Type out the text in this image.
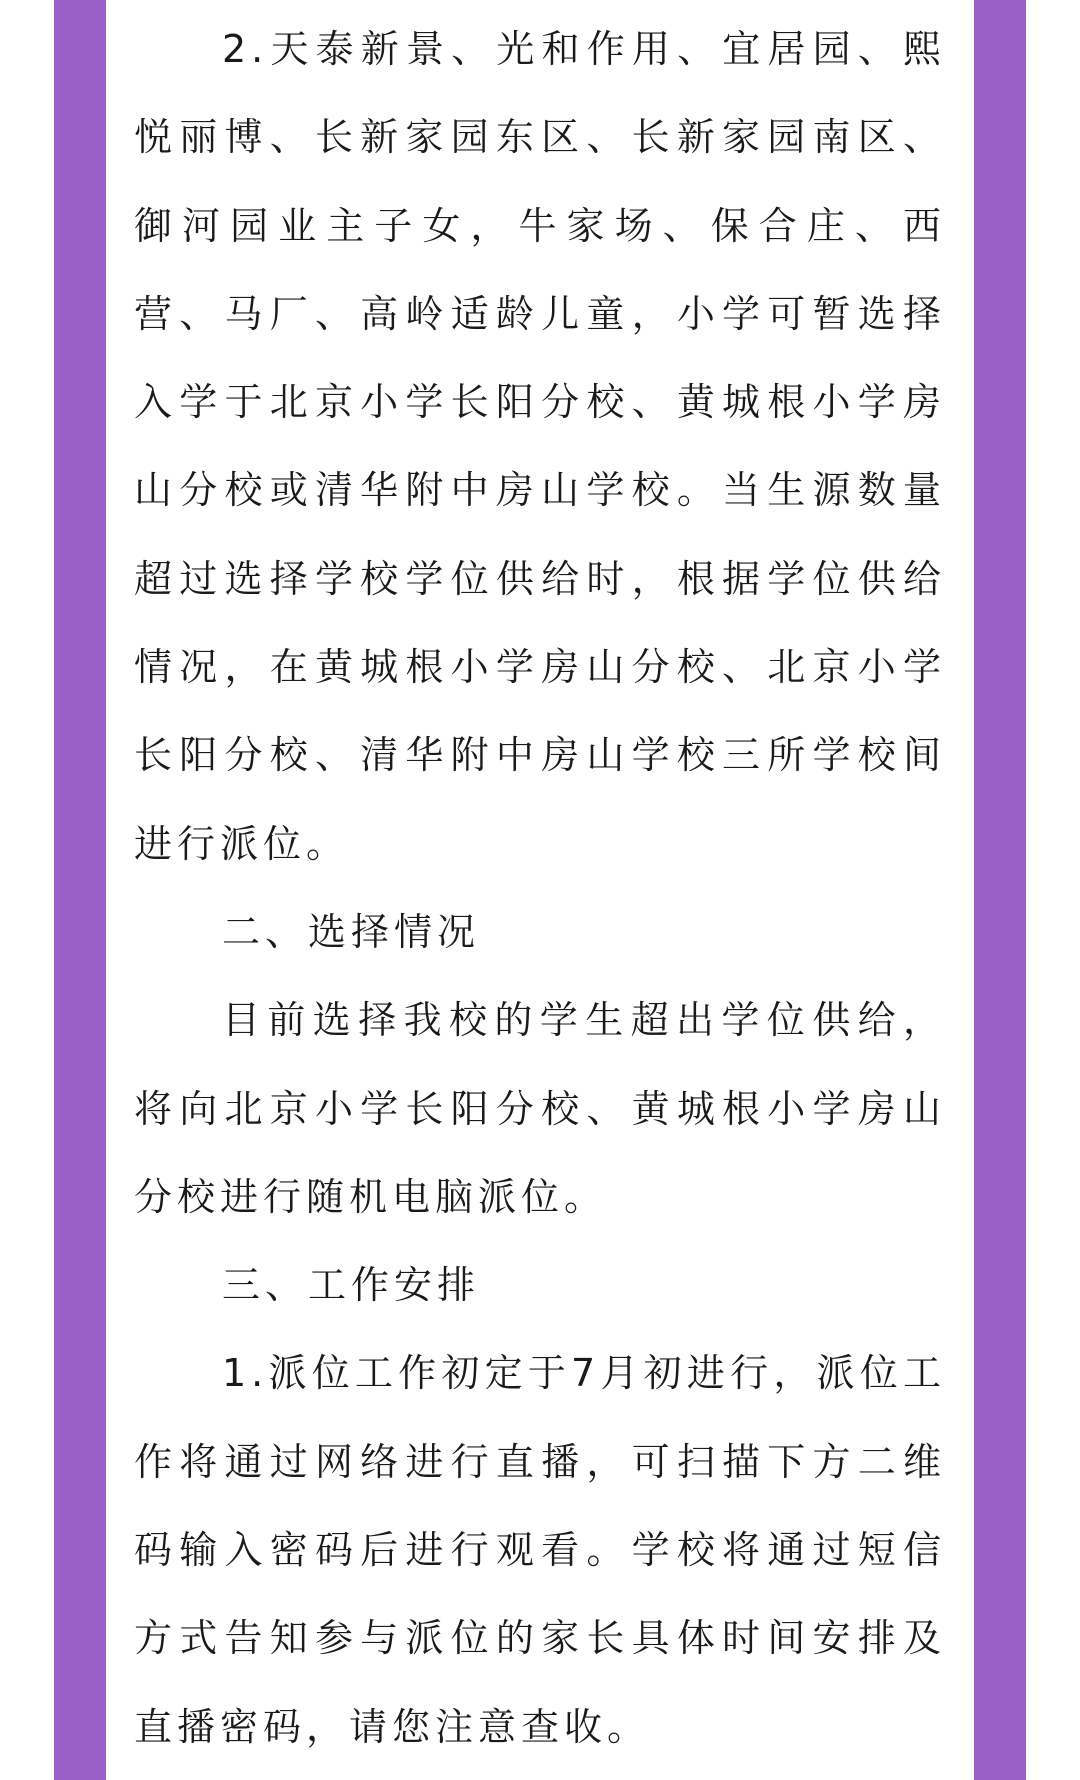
2.天泰新景、光和作用、宜居园、熙悦丽博、长新家园东区、长新家园南区、御河园业主子女，牛家场、保合庄、西营、马厂、高岭适龄儿童，小学可暂选择入学于北京小学长阳分校、黄城根小学房山分校或清华附中房山学校。当生源数量超过选择学校学位供给时，根据学位供给情况，在黄城根小学房山分校、北京小学长阳分校、清华附中房山学校三所学校间进行派位。

二、选择情况

目前选择我校的学生超出学位供给，将向北京小学长阳分校、黄城根小学房山分校进行随机电脑派位。

三、工作安排

1.派位工作初定于7月初进行，派位工作将通过网络进行直播，可扫描下方二维码输入密码后进行观看。学校将通过短信方式告知参与派位的家长具体时间安排及直播密码，请您注意查收。
